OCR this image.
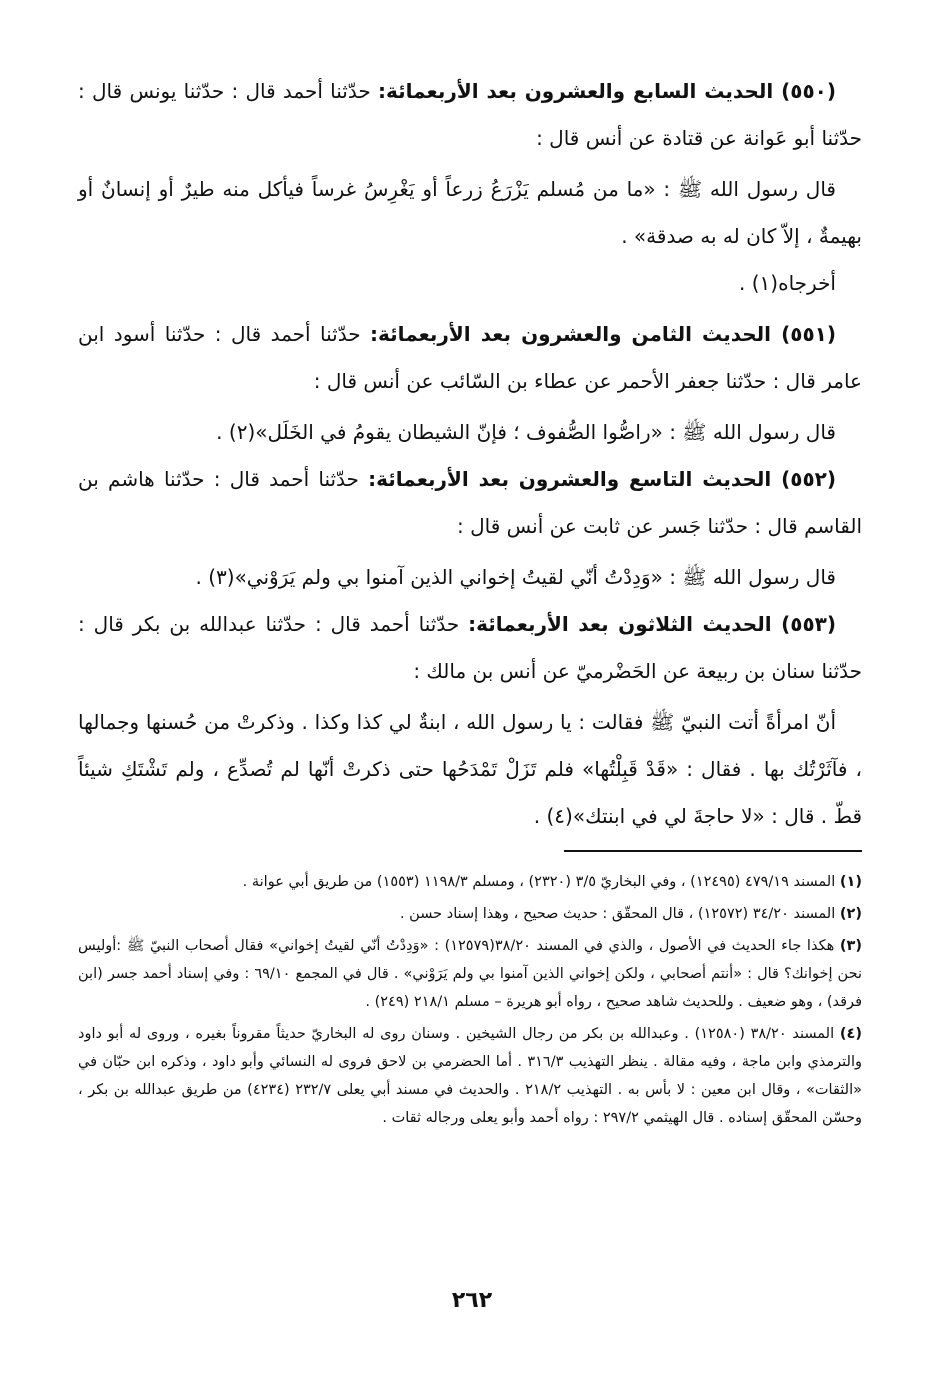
(٥٥٠) الحديث السابع والعشرون بعد الأربعمائة: حدّثنا أحمد قال : حدّثنا يونس قال : حدّثنا أبو عَوانة عن قتادة عن أنس قال :

قال رسول الله ﷺ : «ما من مُسلم يَزْرَعُ زرعاً أو يَغْرِسُ غرساً فيأكل منه طيرٌ أو إنسانٌ أو بهيمةٌ ، إلاّ كان له به صدقة» .

أخرجاه(١) .

(٥٥١) الحديث الثامن والعشرون بعد الأربعمائة: حدّثنا أحمد قال : حدّثنا أسود ابن عامر قال : حدّثنا جعفر الأحمر عن عطاء بن السّائب عن أنس قال :

قال رسول الله ﷺ : «راصُّوا الصُّفوف ؛ فإنّ الشيطان يقومُ في الخَلَل»(٢) .

(٥٥٢) الحديث التاسع والعشرون بعد الأربعمائة: حدّثنا أحمد قال : حدّثنا هاشم بن القاسم قال : حدّثنا جَسر عن ثابت عن أنس قال :

قال رسول الله ﷺ : «وَدِدْتُ أنّي لقيتُ إخواني الذين آمنوا بي ولم يَرَوْني»(٣) .

(٥٥٣) الحديث الثلاثون بعد الأربعمائة: حدّثنا أحمد قال : حدّثنا عبدالله بن بكر قال : حدّثنا سنان بن ربيعة عن الحَضْرميّ عن أنس بن مالك :

أنّ امرأةً أتت النبيّ ﷺ فقالت : يا رسول الله ، ابنةٌ لي كذا وكذا . وذكرتْ من حُسنها وجمالها ، فآثَرْتُك بها . فقال : «قَدْ قَبِلْتُها» فلم تَزَلْ تَمْدَحُها حتى ذكرتْ أنّها لم تُصدِّع ، ولم تَشْتَكِ شيئاً قطّ . قال : «لا حاجةَ لي في ابنتك»(٤) .

(١) المسند ٤٧٩/١٩ (١٢٤٩٥) ، وفي البخاريّ ٣/٥ (٢٣٢٠) ، ومسلم ١١٩٨/٣ (١٥٥٣) من طريق أبي عوانة .

(٢) المسند ٣٤/٢٠ (١٢٥٧٢) ، قال المحقّق : حديث صحيح ، وهذا إسناد حسن .

(٣) هكذا جاء الحديث في الأصول ، والذي في المسند ٣٨/٢٠(١٢٥٧٩) : «وَدِدْتُ أنّي لقيتُ إخواني» فقال أصحاب النبيّ ﷺ :أوليس نحن إخوانك؟ قال : «أنتم أصحابي ، ولكن إخواني الذين آمنوا بي ولم يَرَوْني» . قال في المجمع ٦٩/١٠ : وفي إسناد أحمد جسر (ابن فرقد) ، وهو ضعيف . وللحديث شاهد صحيح ، رواه أبو هريرة – مسلم ٢١٨/١ (٢٤٩) .

(٤) المسند ٣٨/٢٠ (١٢٥٨٠) . وعبدالله بن بكر من رجال الشيخين . وسنان روى له البخاريّ حديثاً مقروناً بغيره ، وروى له أبو داود والترمذي وابن ماجة ، وفيه مقالة . ينظر التهذيب ٣١٦/٣ . أما الحضرمي بن لاحق فروى له النسائي وأبو داود ، وذكره ابن حبّان في «الثقات» ، وقال ابن معين : لا بأس به . التهذيب ٢١٨/٢ . والحديث في مسند أبي يعلى ٢٣٢/٧ (٤٢٣٤) من طريق عبدالله بن بكر ، وحسّن المحقّق إسناده . قال الهيثمي ٢٩٧/٢ : رواه أحمد وأبو يعلى ورجاله ثقات .

٢٦٢
